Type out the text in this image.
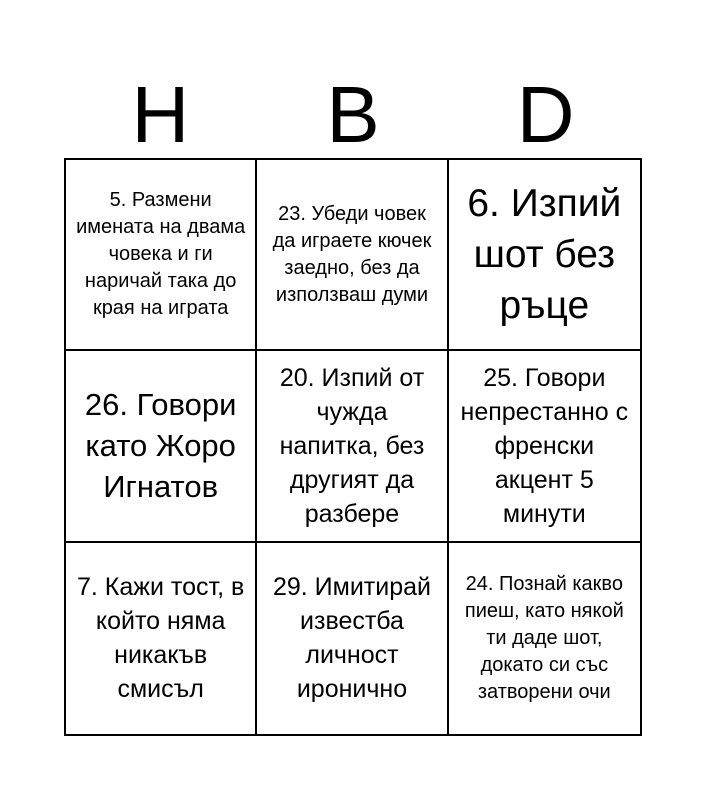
H	B	D
5. Размени имената на двама човека и ги наричай така до края на играта
23. Убеди човек да играете кючек заедно, без да използваш думи
6. Изпий шот без ръце
26. Говори като Жоро Игнатов
20. Изпий от чужда напитка, без другият да разбере
25. Говори непрестанно с френски акцент 5 минути
7. Кажи тост, в който няма никакъв смисъл
29. Имитирай известба личност иронично
24. Познай какво пиеш, като някой ти даде шот, докато си със затворени очи
